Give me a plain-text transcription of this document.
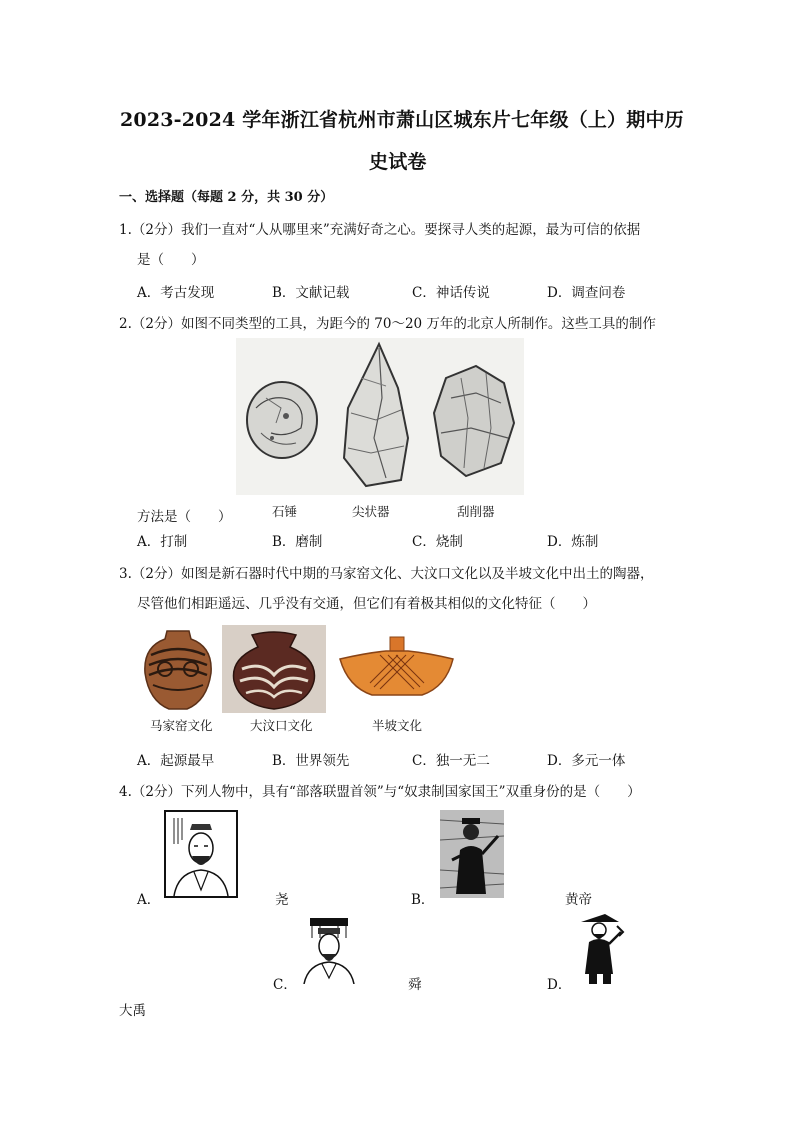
2023-2024 学年浙江省杭州市萧山区城东片七年级（上）期中历
史试卷
一、选择题（每题 2 分，共 30 分）
1.（2分）我们一直对“人从哪里来”充满好奇之心。要探寻人类的起源，最为可信的依据
是（　　）
A．考古发现	B．文献记载	C．神话传说	D．调查问卷
2.（2分）如图不同类型的工具，为距今的 70～20 万年的北京人所制作。这些工具的制作
方法是（　　）	石锤	尖状器	刮削器
A．打制	B．磨制	C．烧制	D．炼制
3.（2分）如图是新石器时代中期的马家窑文化、大汶口文化以及半坡文化中出土的陶器，
尽管他们相距遥远、几乎没有交通，但它们有着极其相似的文化特征（　　）
马家窑文化	大汶口文化	半坡文化
A．起源最早	B．世界领先	C．独一无二	D．多元一体
4.（2分）下列人物中，具有“部落联盟首领”与“奴隶制国家国王”双重身份的是（　　）
A．	尧	B．	黄帝
C．	舜	D．
大禹
